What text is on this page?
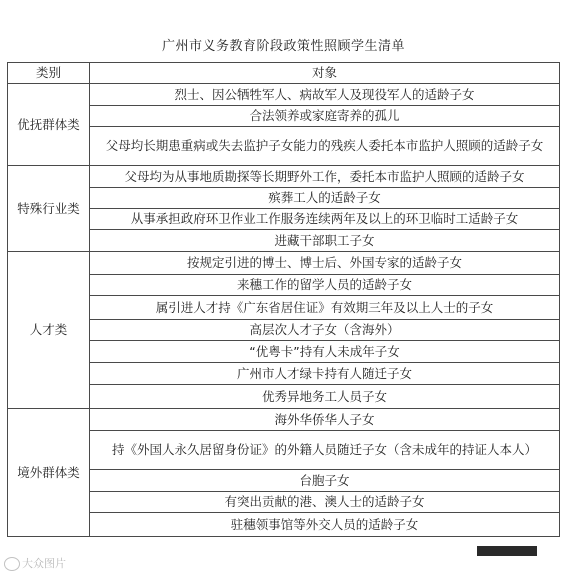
广州市义务教育阶段政策性照顾学生清单
类别	对象
优抚群体类	烈士、因公牺牲军人、病故军人及现役军人的适龄子女
	合法领养或家庭寄养的孤儿
	父母均长期患重病或失去监护子女能力的残疾人委托本市监护人照顾的适龄子女
特殊行业类	父母均为从事地质勘探等长期野外工作，委托本市监护人照顾的适龄子女
	殡葬工人的适龄子女
	从事承担政府环卫作业工作服务连续两年及以上的环卫临时工适龄子女
	进藏干部职工子女
人才类	按规定引进的博士、博士后、外国专家的适龄子女
	来穗工作的留学人员的适龄子女
	属引进人才持《广东省居住证》有效期三年及以上人士的子女
	高层次人才子女（含海外）
	“优粤卡”持有人未成年子女
	广州市人才绿卡持有人随迁子女
	优秀异地务工人员子女
境外群体类	海外华侨华人子女
	持《外国人永久居留身份证》的外籍人员随迁子女（含未成年的持证人本人）
	台胞子女
	有突出贡献的港、澳人士的适龄子女
	驻穗领事馆等外交人员的适龄子女
大众图片
